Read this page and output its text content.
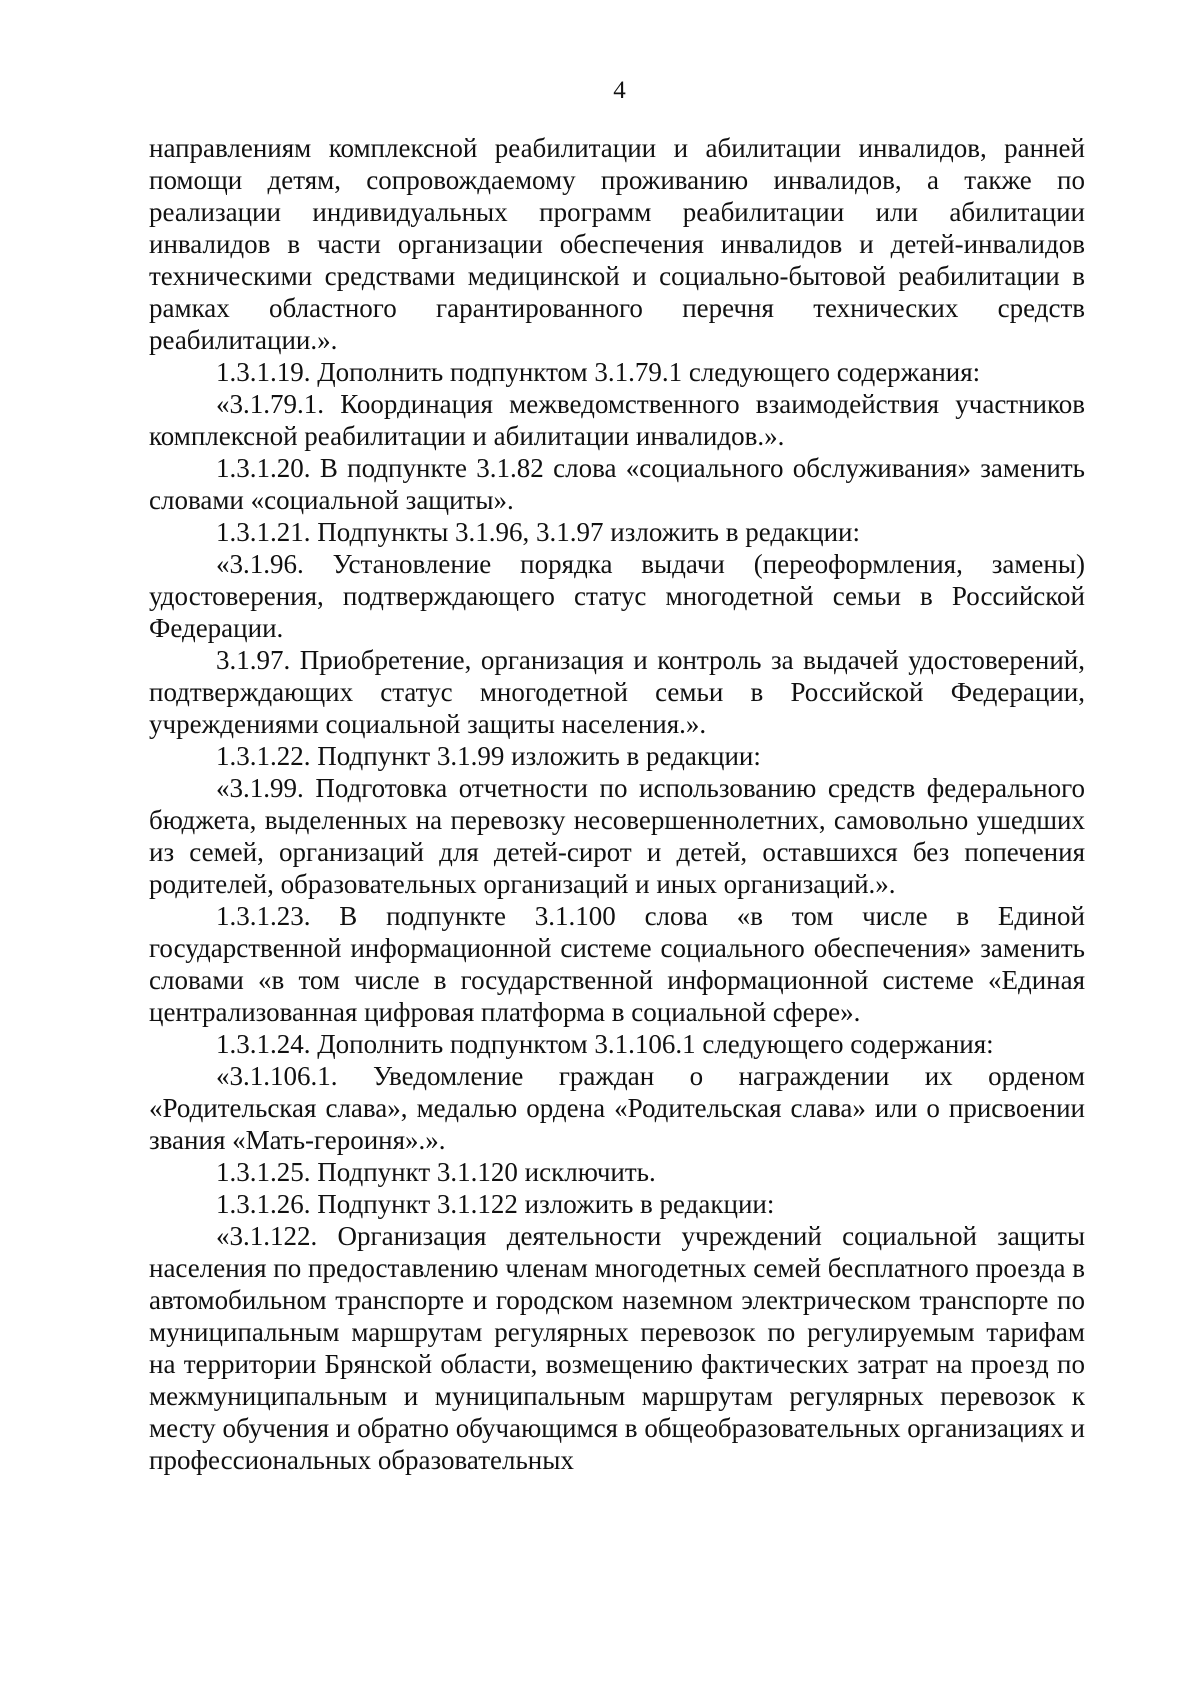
4

направлениям комплексной реабилитации и абилитации инвалидов, ранней помощи детям, сопровождаемому проживанию инвалидов, а также по реализации индивидуальных программ реабилитации или абилитации инвалидов в части организации обеспечения инвалидов и детей-инвалидов техническими средствами медицинской и социально-бытовой реабилитации в рамках областного гарантированного перечня технических средств реабилитации.».

1.3.1.19. Дополнить подпунктом 3.1.79.1 следующего содержания:

«3.1.79.1. Координация межведомственного взаимодействия участников комплексной реабилитации и абилитации инвалидов.».

1.3.1.20. В подпункте 3.1.82 слова «социального обслуживания» заменить словами «социальной защиты».

1.3.1.21. Подпункты 3.1.96, 3.1.97 изложить в редакции:

«3.1.96. Установление порядка выдачи (переоформления, замены) удостоверения, подтверждающего статус многодетной семьи в Российской Федерации.

3.1.97. Приобретение, организация и контроль за выдачей удостоверений, подтверждающих статус многодетной семьи в Российской Федерации, учреждениями социальной защиты населения.».

1.3.1.22. Подпункт 3.1.99 изложить в редакции:

«3.1.99. Подготовка отчетности по использованию средств федерального бюджета, выделенных на перевозку несовершеннолетних, самовольно ушедших из семей, организаций для детей-сирот и детей, оставшихся без попечения родителей, образовательных организаций и иных организаций.».

1.3.1.23. В подпункте 3.1.100 слова «в том числе в Единой государственной информационной системе социального обеспечения» заменить словами «в том числе в государственной информационной системе «Единая централизованная цифровая платформа в социальной сфере».

1.3.1.24. Дополнить подпунктом 3.1.106.1 следующего содержания:

«3.1.106.1. Уведомление граждан о награждении их орденом «Родительская слава», медалью ордена «Родительская слава» или о присвоении звания «Мать-героиня».».

1.3.1.25. Подпункт 3.1.120 исключить.

1.3.1.26. Подпункт 3.1.122 изложить в редакции:

«3.1.122. Организация деятельности учреждений социальной защиты населения по предоставлению членам многодетных семей бесплатного проезда в автомобильном транспорте и городском наземном электрическом транспорте по муниципальным маршрутам регулярных перевозок по регулируемым тарифам на территории Брянской области, возмещению фактических затрат на проезд по межмуниципальным и муниципальным маршрутам регулярных перевозок к месту обучения и обратно обучающимся в общеобразовательных организациях и профессиональных образовательных
